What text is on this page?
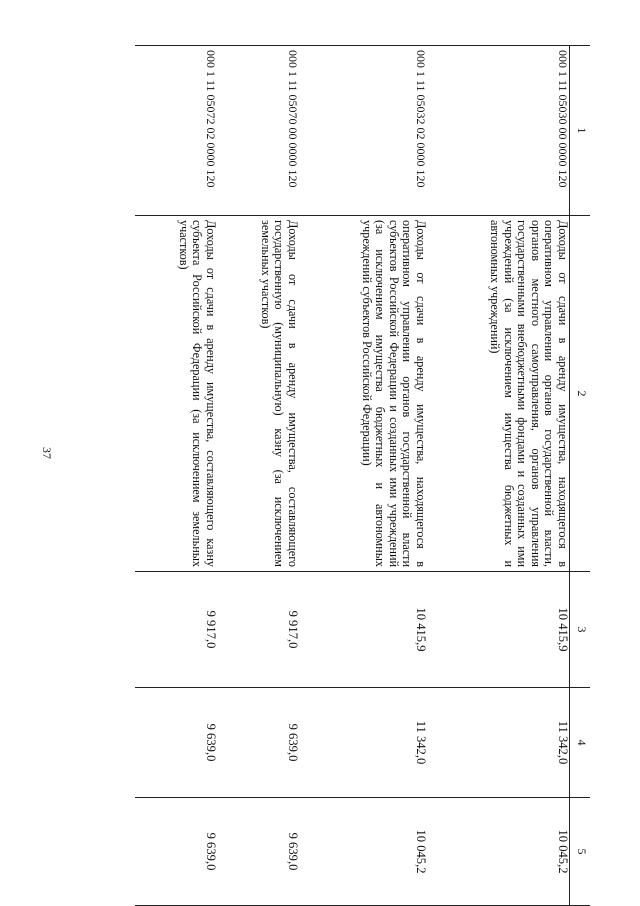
37
1	2	3	4	5
000 1 11 05030 00 0000 120	Доходы от сдачи в аренду имущества, находящегося в оперативном управлении органов государственной власти, органов местного самоуправления, органов управления государственными внебюджетными фондами и созданных ими учреждений (за исключением имущества бюджетных и автономных учреждений)	10 415,9	11 342,0	10 045,2
000 1 11 05032 02 0000 120	Доходы от сдачи в аренду имущества, находящегося в оперативном управлении органов государственной власти субъектов Российской Федерации и созданных ими учреждений (за исключением имущества бюджетных и автономных учреждений субъектов Российской Федерации)	10 415,9	11 342,0	10 045,2
000 1 11 05070 00 0000 120	Доходы от сдачи в аренду имущества, составляющего государственную (муниципальную) казну (за исключением земельных участков)	9 917,0	9 639,0	9 639,0
000 1 11 05072 02 0000 120	Доходы от сдачи в аренду имущества, составляющего казну субъекта Российской Федерации (за исключением земельных участков)	9 917,0	9 639,0	9 639,0
